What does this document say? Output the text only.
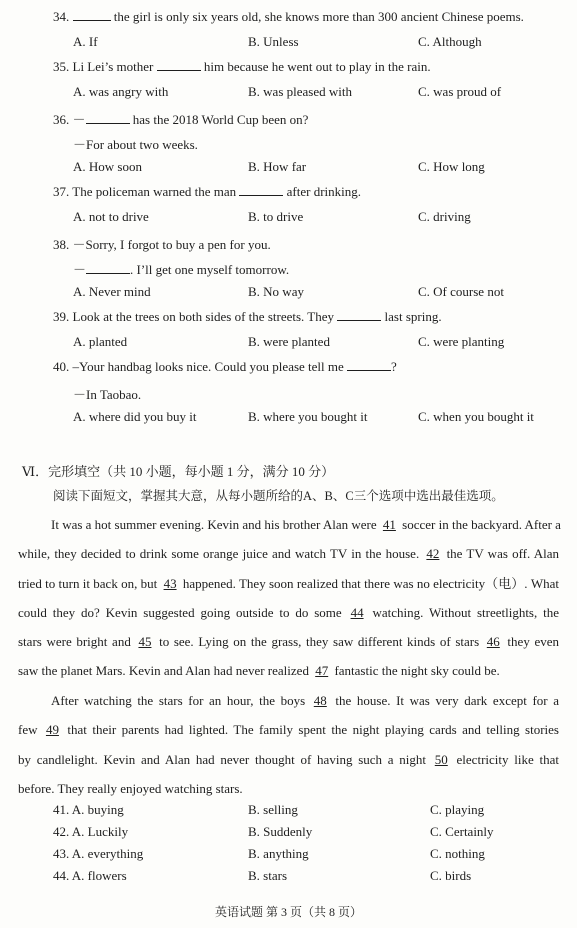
34.	the girl is only six years old, she knows more than 300 ancient Chinese poems.
A. If	B. Unless	C. Although
35. Li Lei’s mother	him because he went out to play in the rain.
A. was angry with	B. was pleased with	C. was proud of
36. －	has the 2018 World Cup been on?
－For about two weeks.
A. How soon	B. How far	C. How long
37. The policeman warned the man	after drinking.
A. not to drive	B. to drive	C. driving
38. －Sorry, I forgot to buy a pen for you.
－	. I’ll get one myself tomorrow.
A. Never mind	B. No way	C. Of course not
39. Look at the trees on both sides of the streets. They	last spring.
A. planted	B. were planted	C. were planting
40. –Your handbag looks nice. Could you please tell me	?
－In Taobao.
A. where did you buy it	B. where you bought it	C. when you bought it
Ⅵ．完形填空（共 10 小题，每小题 1 分，满分 10 分）
阅读下面短文，掌握其大意，从每小题所给的A、B、C三个选项中选出最佳选项。
It was a hot summer evening. Kevin and his brother Alan were 41 soccer in the backyard. After a
while, they decided to drink some orange juice and watch TV in the house. 42 the TV was off. Alan
tried to turn it back on, but 43 happened. They soon realized that there was no electricity（电）. What
could they do? Kevin suggested going outside to do some 44 watching. Without streetlights, the
stars were bright and 45 to see. Lying on the grass, they saw different kinds of stars 46 they even
saw the planet Mars. Kevin and Alan had never realized 47 fantastic the night sky could be.
After watching the stars for an hour, the boys 48 the house. It was very dark except for a
few 49 that their parents had lighted. The family spent the night playing cards and telling stories
by candlelight. Kevin and Alan had never thought of having such a night 50 electricity like that
before. They really enjoyed watching stars.
41. A. buying	B. selling	C. playing
42. A. Luckily	B. Suddenly	C. Certainly
43. A. everything	B. anything	C. nothing
44. A. flowers	B. stars	C. birds
英语试题 第 3 页（共 8 页）
